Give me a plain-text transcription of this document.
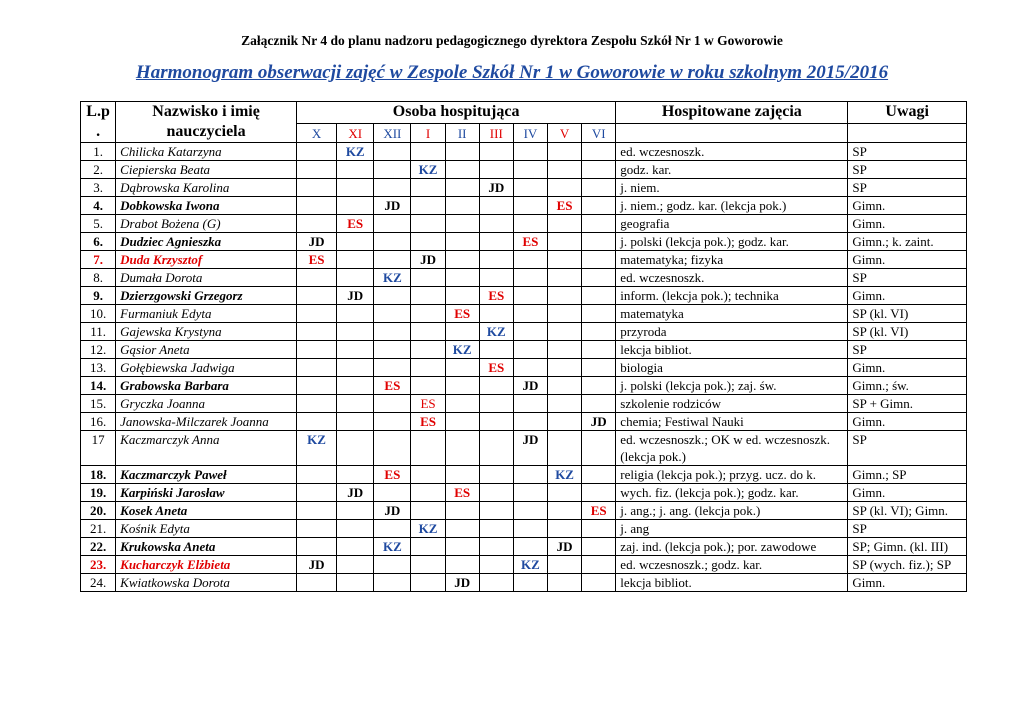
Załącznik Nr 4 do planu nadzoru pedagogicznego dyrektora Zespołu Szkół Nr 1 w Goworowie
Harmonogram obserwacji zajęć w Zespole Szkół Nr 1 w Goworowie w roku szkolnym 2015/2016
L.p .	Nazwisko i imię nauczyciela	Osoba hospitująca									Hospitowane zajęcia	Uwagi
		X	XI	XII	I	II	III	IV	V	VI		
1.	Chilicka Katarzyna		KZ								ed. wczesnoszk.	SP
2.	Ciepierska Beata				KZ						godz. kar.	SP
3.	Dąbrowska Karolina						JD				j. niem.	SP
4.	Dobkowska Iwona			JD					ES		j. niem.; godz. kar. (lekcja pok.)	Gimn.
5.	Drabot Bożena (G)		ES								geografia	Gimn.
6.	Dudziec Agnieszka	JD						ES			j. polski (lekcja pok.); godz. kar.	Gimn.; k. zaint.
7.	Duda Krzysztof	ES			JD						matematyka; fizyka	Gimn.
8.	Dumała Dorota			KZ							ed. wczesnoszk.	SP
9.	Dzierzgowski Grzegorz		JD				ES				inform. (lekcja pok.); technika	Gimn.
10.	Furmaniuk Edyta					ES					matematyka	SP (kl. VI)
11.	Gajewska Krystyna						KZ				przyroda	SP (kl. VI)
12.	Gąsior Aneta					KZ					lekcja bibliot.	SP
13.	Gołębiewska Jadwiga						ES				biologia	Gimn.
14.	Grabowska Barbara			ES				JD			j. polski (lekcja pok.); zaj. św.	Gimn.; św.
15.	Gryczka Joanna				ES						szkolenie rodziców	SP + Gimn.
16.	Janowska-Milczarek Joanna				ES					JD	chemia; Festiwal Nauki	Gimn.
17	Kaczmarczyk Anna	KZ						JD			ed. wczesnoszk.; OK w ed. wczesnoszk. (lekcja pok.)	SP
18.	Kaczmarczyk Paweł			ES					KZ		religia (lekcja pok.); przyg. ucz. do k.	Gimn.; SP
19.	Karpiński Jarosław		JD			ES					wych. fiz. (lekcja pok.); godz. kar.	Gimn.
20.	Kosek Aneta			JD						ES	j. ang.; j. ang. (lekcja pok.)	SP (kl. VI); Gimn.
21.	Kośnik Edyta				KZ						j. ang	SP
22.	Krukowska Aneta			KZ					JD		zaj. ind. (lekcja pok.); por. zawodowe	SP; Gimn. (kl. III)
23.	Kucharczyk Elżbieta	JD						KZ			ed. wczesnoszk.; godz. kar.	SP (wych. fiz.); SP
24.	Kwiatkowska Dorota					JD					lekcja bibliot.	Gimn.
